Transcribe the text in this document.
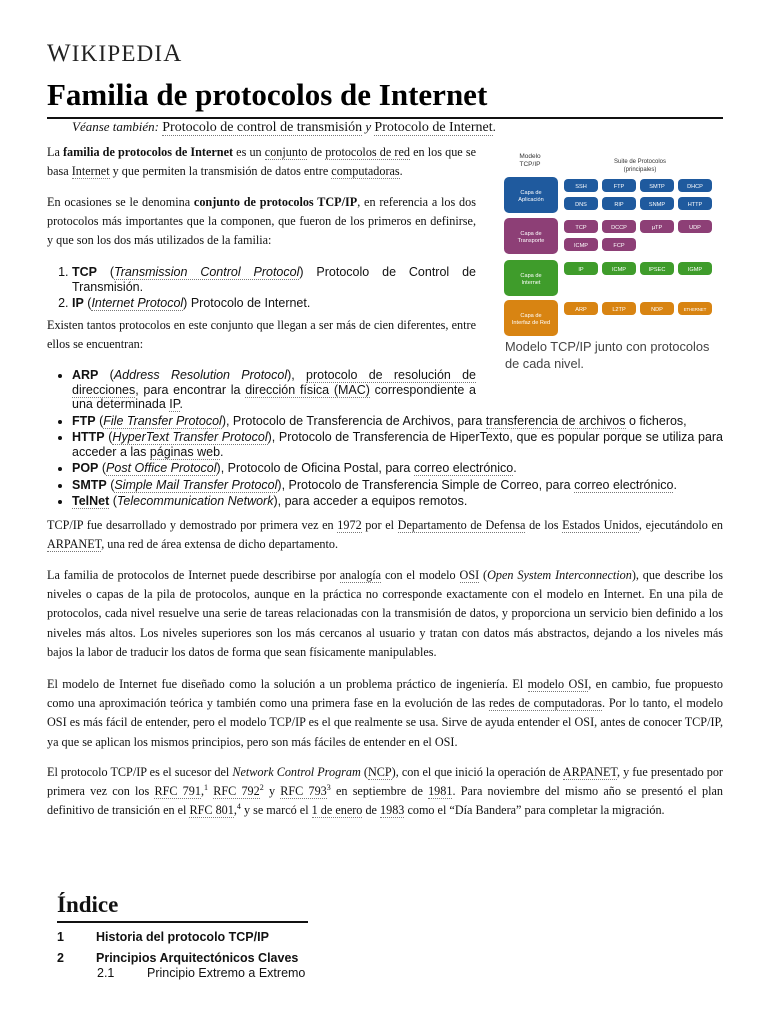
WIKIPEDIA
Familia de protocolos de Internet
Véanse también: Protocolo de control de transmisión y Protocolo de Internet.

La familia de protocolos de Internet es un conjunto de protocolos de red en los que se basa Internet y que permiten la transmisión de datos entre computadoras.

En ocasiones se le denomina conjunto de protocolos TCP/IP, en referencia a los dos protocolos más importantes que la componen, que fueron de los primeros en definirse, y que son los dos más utilizados de la familia:

1. TCP (Transmission Control Protocol) Protocolo de Control de Transmisión.
2. IP (Internet Protocol) Protocolo de Internet.

Existen tantos protocolos en este conjunto que llegan a ser más de cien diferentes, entre ellos se encuentran:

• ARP (Address Resolution Protocol), protocolo de resolución de direcciones, para encontrar la dirección física (MAC) correspondiente a una determinada IP.
• FTP (File Transfer Protocol), Protocolo de Transferencia de Archivos, para transferencia de archivos o ficheros,
• HTTP (HyperText Transfer Protocol), Protocolo de Transferencia de HiperTexto, que es popular porque se utiliza para acceder a las páginas web.
• POP (Post Office Protocol), Protocolo de Oficina Postal, para correo electrónico.
• SMTP (Simple Mail Transfer Protocol), Protocolo de Transferencia Simple de Correo, para correo electrónico.
• TelNet (Telecommunication Network), para acceder a equipos remotos.

TCP/IP fue desarrollado y demostrado por primera vez en 1972 por el Departamento de Defensa de los Estados Unidos, ejecutándolo en ARPANET, una red de área extensa de dicho departamento.

La familia de protocolos de Internet puede describirse por analogía con el modelo OSI (Open System Interconnection), que describe los niveles o capas de la pila de protocolos, aunque en la práctica no corresponde exactamente con el modelo en Internet. En una pila de protocolos, cada nivel resuelve una serie de tareas relacionadas con la transmisión de datos, y proporciona un servicio bien definido a los niveles más altos. Los niveles superiores son los más cercanos al usuario y tratan con datos más abstractos, dejando a los niveles más bajos la labor de traducir los datos de forma que sean físicamente manipulables.

El modelo de Internet fue diseñado como la solución a un problema práctico de ingeniería. El modelo OSI, en cambio, fue propuesto como una aproximación teórica y también como una primera fase en la evolución de las redes de computadoras. Por lo tanto, el modelo OSI es más fácil de entender, pero el modelo TCP/IP es el que realmente se usa. Sirve de ayuda entender el OSI, antes de conocer TCP/IP, ya que se aplican los mismos principios, pero son más fáciles de entender en el OSI.

El protocolo TCP/IP es el sucesor del Network Control Program (NCP), con el que inició la operación de ARPANET, y fue presentado por primera vez con los RFC 791,$^1$ RFC $792^2$ y RFC $793^3$ en septiembre de 1981. Para noviembre del mismo año se presentó el plan definitivo de transición en el RFC 801,$^4$ y se marcó el 1 de enero de 1983 como el “Día Bandera” para completar la migración.

Modelo TCP/IP	Suite de Protocolos (principales)
Capa de Aplicación
SSH	FTP	SMTP	DHCP
DNS	RIP	SNMP	HTTP
Capa de Transporte
TCP	DCCP	µTP	UDP
ICMP	FCP
Capa de Internet
IP	ICMP	IPSEC	IGMP
Capa de Interfaz de Red
ARP	L2TP	NDP	ETHERNET
Modelo TCP/IP junto con protocolos de cada nivel.
Índice
1	Historia del protocolo TCP/IP
2	Principios Arquitectónicos Claves
2.1	Principio Extremo a Extremo
